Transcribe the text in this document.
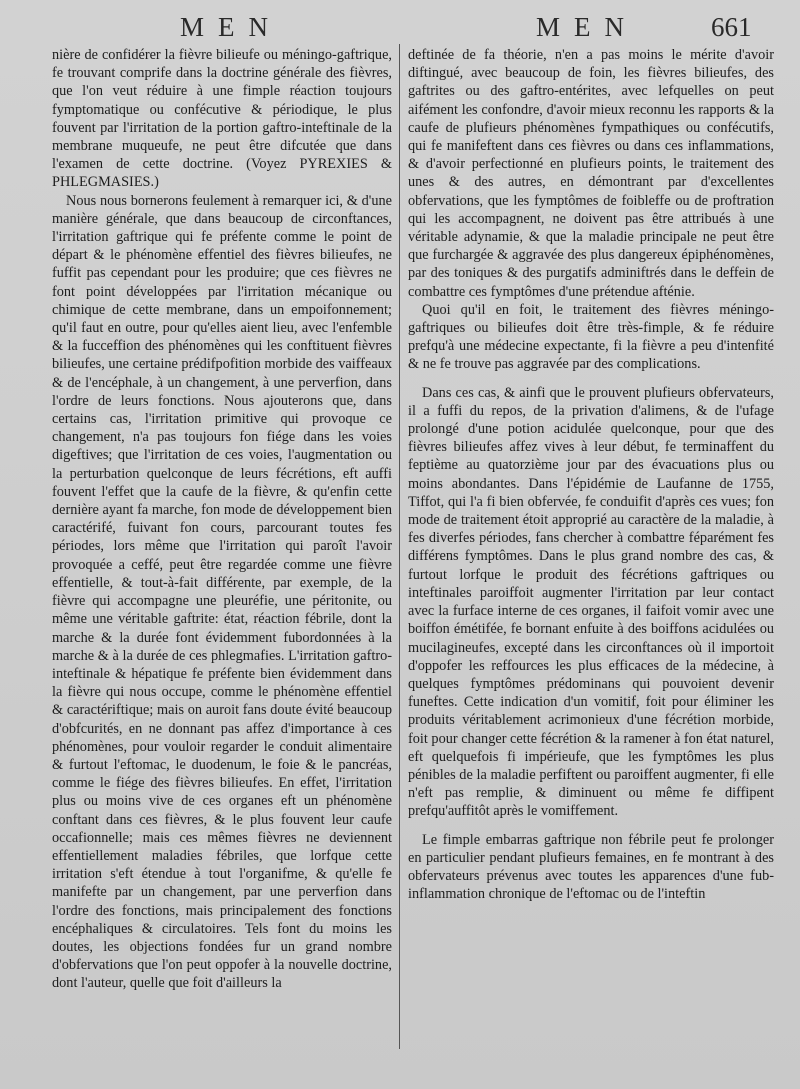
MEN	MEN	661

nière de confidérer la fièvre bilieufe ou méningo-gaftrique, fe trouvant comprife dans la doctrine générale des fièvres, que l'on veut réduire à une fimple réaction toujours fymptomatique ou confécutive & périodique, le plus fouvent par l'irritation de la portion gaftro-inteftinale de la membrane muqueufe, ne peut être difcutée que dans l'examen de cette doctrine. (Voyez PYREXIES & PHLEGMASIES.)

Nous nous bornerons feulement à remarquer ici, & d'une manière générale, que dans beaucoup de circonftances, l'irritation gaftrique qui fe préfente comme le point de départ & le phénomène effentiel des fièvres bilieufes, ne fuffit pas cependant pour les produire; que ces fièvres ne font point développées par l'irritation mécanique ou chimique de cette membrane, dans un empoifonnement; qu'il faut en outre, pour qu'elles aient lieu, avec l'enfemble & la fucceffion des phénomènes qui les conftituent fièvres bilieufes, une certaine prédifpofition morbide des vaiffeaux & de l'encéphale, à un changement, à une perverfion, dans l'ordre de leurs fonctions. Nous ajouterons que, dans certains cas, l'irritation primitive qui provoque ce changement, n'a pas toujours fon fiége dans les voies digeftives; que l'irritation de ces voies, l'augmentation ou la perturbation quelconque de leurs fécrétions, eft auffi fouvent l'effet que la caufe de la fièvre, & qu'enfin cette dernière ayant fa marche, fon mode de développement bien caractérifé, fuivant fon cours, parcourant toutes fes périodes, lors même que l'irritation qui paroît l'avoir provoquée a ceffé, peut être regardée comme une fièvre effentielle, & tout-à-fait différente, par exemple, de la fièvre qui accompagne une pleuréfie, une péritonite, ou même une véritable gaftrite: état, réaction fébrile, dont la marche & la durée font évidemment fubordonnées à la marche & à la durée de ces phlegmafies. L'irritation gaftro-inteftinale & hépatique fe préfente bien évidemment dans la fièvre qui nous occupe, comme le phénomène effentiel & caractériftique; mais on auroit fans doute évité beaucoup d'obfcurités, en ne donnant pas affez d'importance à ces phénomènes, pour vouloir regarder le conduit alimentaire & furtout l'eftomac, le duodenum, le foie & le pancréas, comme le fiége des fièvres bilieufes. En effet, l'irritation plus ou moins vive de ces organes eft un phénomène conftant dans ces fièvres, & le plus fouvent leur caufe occafionnelle; mais ces mêmes fièvres ne deviennent effentiellement maladies fébriles, que lorfque cette irritation s'eft étendue à tout l'organifme, & qu'elle fe manifefte par un changement, par une perverfion dans l'ordre des fonctions, mais principalement des fonctions encéphaliques & circulatoires. Tels font du moins les doutes, les objections fondées fur un grand nombre d'obfervations que l'on peut oppofer à la nouvelle doctrine, dont l'auteur, quelle que foit d'ailleurs la

deftinée de fa théorie, n'en a pas moins le mérite d'avoir diftingué, avec beaucoup de foin, les fièvres bilieufes, des gaftrites ou des gaftro-entérites, avec lefquelles on peut aifément les confondre, d'avoir mieux reconnu les rapports & la caufe de plufieurs phénomènes fympathiques ou confécutifs, qui fe manifeftent dans ces fièvres ou dans ces inflammations, & d'avoir perfectionné en plufieurs points, le traitement des unes & des autres, en démontrant par d'excellentes obfervations, que les fymptômes de foibleffe ou de proftration qui les accompagnent, ne doivent pas être attribués à une véritable adynamie, & que la maladie principale ne peut être que furchargée & aggravée des plus dangereux épiphénomènes, par des toniques & des purgatifs adminiftrés dans le deffein de combattre ces fymptômes d'une prétendue afténie.

Quoi qu'il en foit, le traitement des fièvres méningo-gaftriques ou bilieufes doit être très-fimple, & fe réduire prefqu'à une médecine expectante, fi la fièvre a peu d'intenfité & ne fe trouve pas aggravée par des complications.

Dans ces cas, & ainfi que le prouvent plufieurs obfervateurs, il a fuffi du repos, de la privation d'alimens, & de l'ufage prolongé d'une potion acidulée quelconque, pour que des fièvres bilieufes affez vives à leur début, fe terminaffent du feptième au quatorzième jour par des évacuations plus ou moins abondantes. Dans l'épidémie de Laufanne de 1755, Tiffot, qui l'a fi bien obfervée, fe conduifit d'après ces vues; fon mode de traitement étoit approprié au caractère de la maladie, à fes diverfes périodes, fans chercher à combattre féparément fes différens fymptômes. Dans le plus grand nombre des cas, & furtout lorfque le produit des fécrétions gaftriques ou inteftinales paroiffoit augmenter l'irritation par leur contact avec la furface interne de ces organes, il faifoit vomir avec une boiffon émétifée, fe bornant enfuite à des boiffons acidulées ou mucilagineufes, excepté dans les circonftances où il importoit d'oppofer les reffources les plus efficaces de la médecine, à quelques fymptômes prédominans qui pouvoient devenir funeftes. Cette indication d'un vomitif, foit pour éliminer les produits véritablement acrimonieux d'une fécrétion morbide, foit pour changer cette fécrétion & la ramener à fon état naturel, eft quelquefois fi impérieufe, que les fymptômes les plus pénibles de la maladie perfiftent ou paroiffent augmenter, fi elle n'eft pas remplie, & diminuent ou même fe diffipent prefqu'auffitôt après le vomiffement.

Le fimple embarras gaftrique non fébrile peut fe prolonger en particulier pendant plufieurs femaines, en fe montrant à des obfervateurs prévenus avec toutes les apparences d'une fub-inflammation chronique de l'eftomac ou de l'inteftin
